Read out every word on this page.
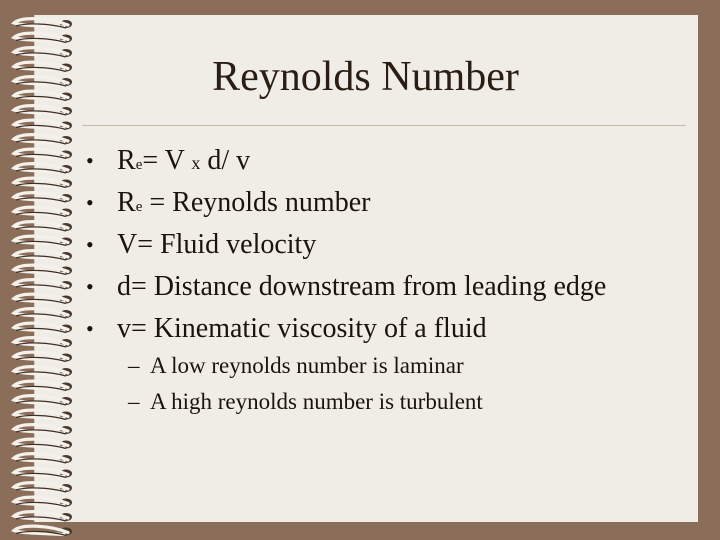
Reynolds Number
• Re= V x d/ v
• Re = Reynolds number
• V= Fluid velocity
• d= Distance downstream from leading edge
• v= Kinematic viscosity of a fluid
– A low reynolds number is laminar
– A high reynolds number is turbulent
